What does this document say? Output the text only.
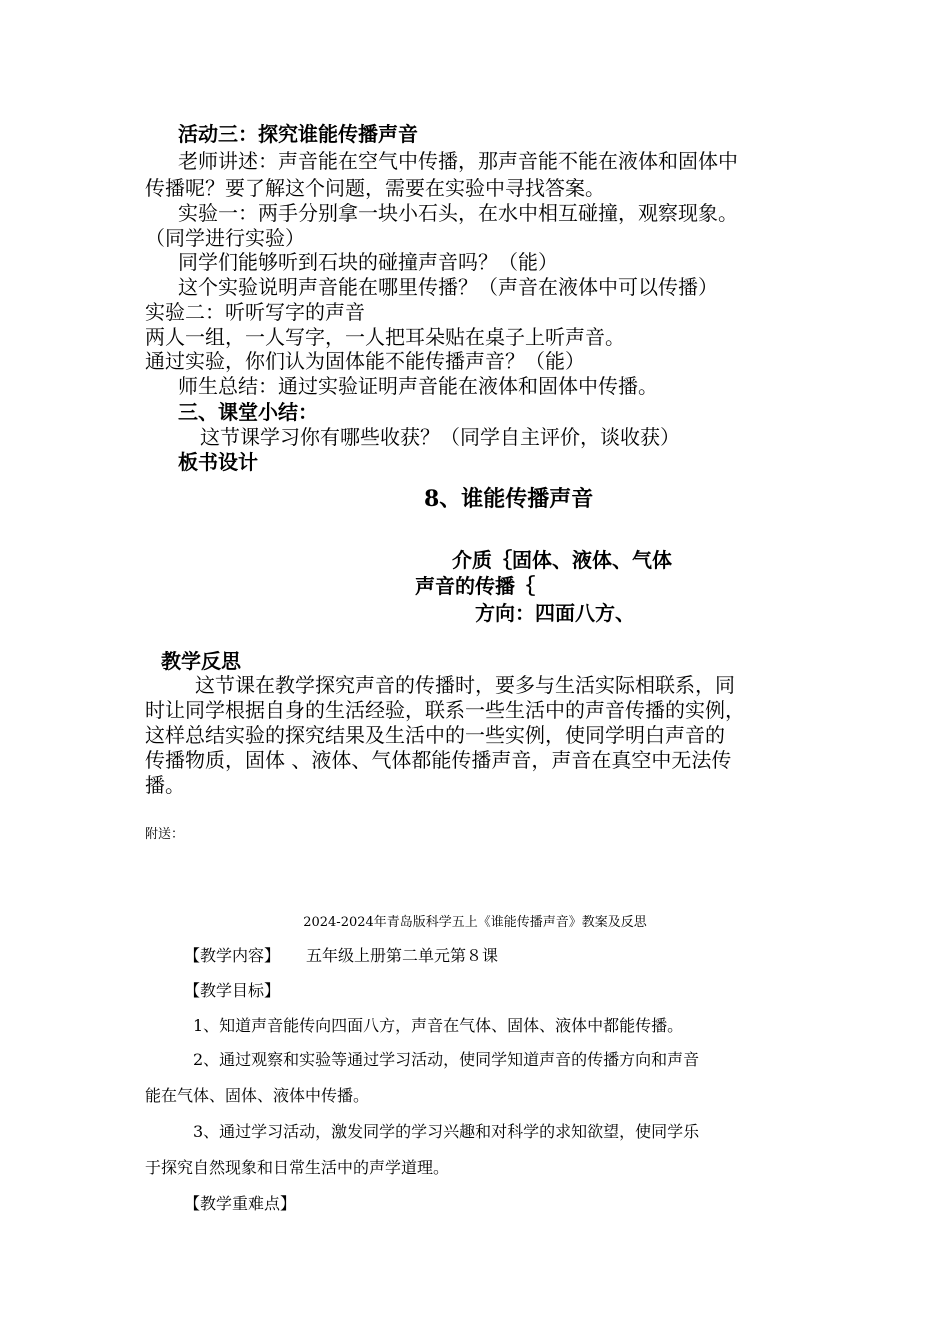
活动三：探究谁能传播声音
老师讲述：声音能在空气中传播，那声音能不能在液体和固体中
传播呢？要了解这个问题，需要在实验中寻找答案。
实验一：两手分别拿一块小石头，在水中相互碰撞，观察现象。
（同学进行实验）
同学们能够听到石块的碰撞声音吗？（能）
这个实验说明声音能在哪里传播？（声音在液体中可以传播）
实验二：听听写字的声音
两人一组，一人写字，一人把耳朵贴在桌子上听声音。
通过实验，你们认为固体能不能传播声音？（能）
师生总结：通过实验证明声音能在液体和固体中传播。
三、课堂小结：
这节课学习你有哪些收获？（同学自主评价，谈收获）
板书设计
8、谁能传播声音
介质｛固体、液体、气体
声音的传播｛
方向：四面八方、
教学反思
这节课在教学探究声音的传播时，要多与生活实际相联系，同
时让同学根据自身的生活经验，联系一些生活中的声音传播的实例，
这样总结实验的探究结果及生活中的一些实例，使同学明白声音的
传播物质，固体 、液体、气体都能传播声音，声音在真空中无法传
播。
附送：
2024-2024年青岛版科学五上《谁能传播声音》教案及反思
【教学内容】 五年级上册第二单元第８课
【教学目标】
1、知道声音能传向四面八方，声音在气体、固体、液体中都能传播。
2、通过观察和实验等通过学习活动，使同学知道声音的传播方向和声音
能在气体、固体、液体中传播。
3、通过学习活动，激发同学的学习兴趣和对科学的求知欲望，使同学乐
于探究自然现象和日常生活中的声学道理。
【教学重难点】
